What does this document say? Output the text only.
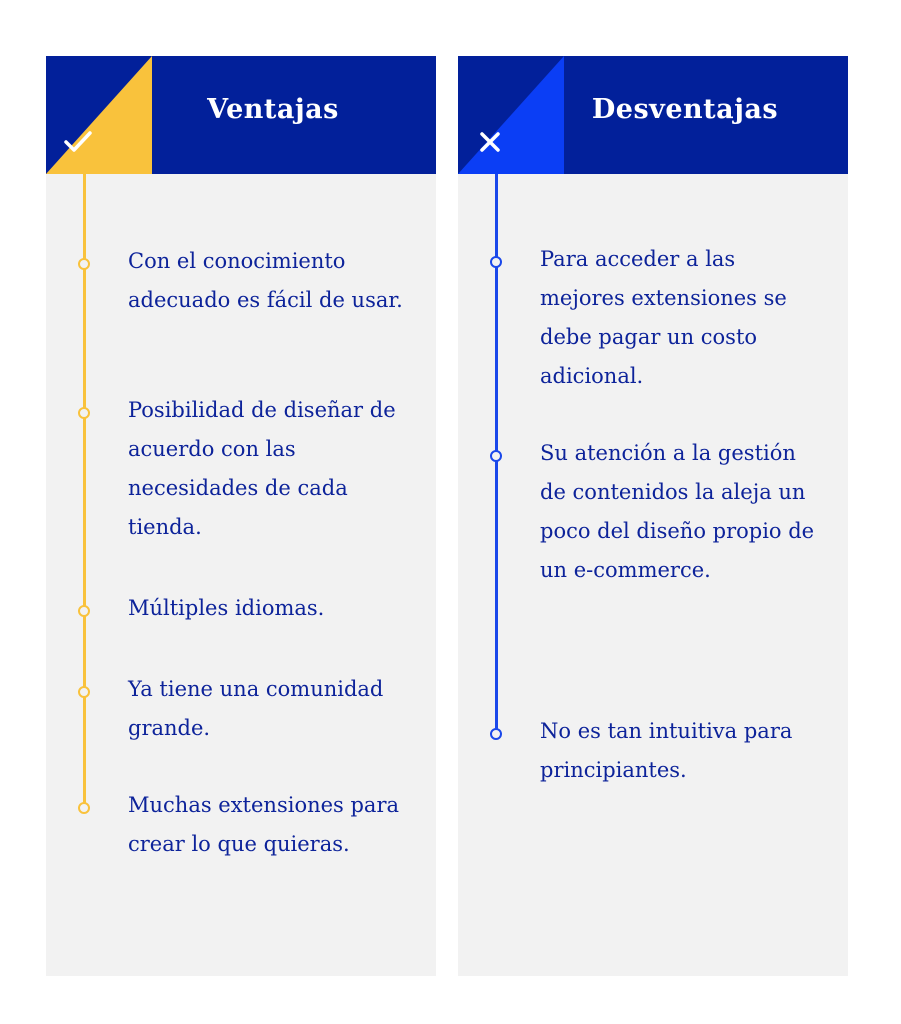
Ventajas
Con el conocimiento adecuado es fácil de usar.
Posibilidad de diseñar de acuerdo con las necesidades de cada tienda.
Múltiples idiomas.
Ya tiene una comunidad grande.
Muchas extensiones para crear lo que quieras.
Desventajas
Para acceder a las mejores extensiones se debe pagar un costo adicional.
Su atención a la gestión de contenidos la aleja un poco del diseño propio de un e-commerce.
No es tan intuitiva para principiantes.
